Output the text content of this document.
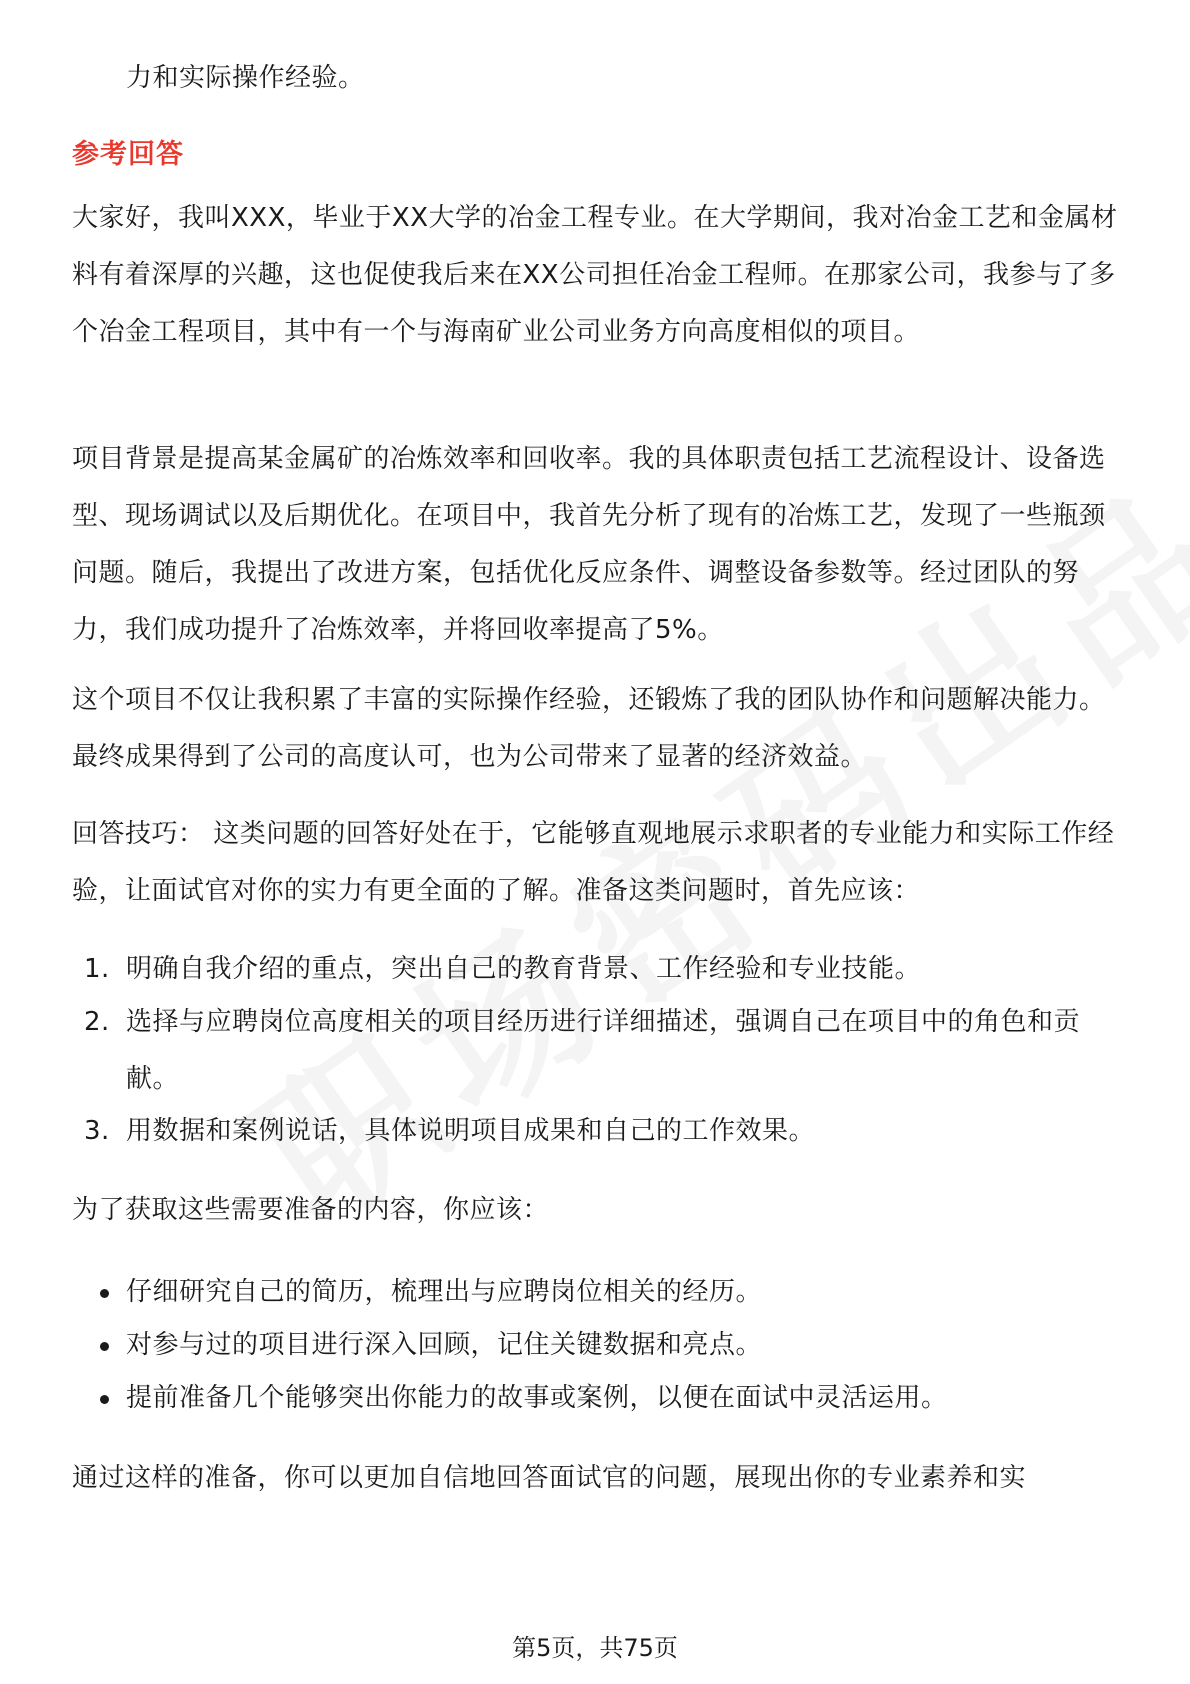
力和实际操作经验。
参考回答
大家好，我叫XXX，毕业于XX大学的冶金工程专业。在大学期间，我对冶金工艺和金属材料有着深厚的兴趣，这也促使我后来在XX公司担任冶金工程师。在那家公司，我参与了多个冶金工程项目，其中有一个与海南矿业公司业务方向高度相似的项目。
项目背景是提高某金属矿的冶炼效率和回收率。我的具体职责包括工艺流程设计、设备选型、现场调试以及后期优化。在项目中，我首先分析了现有的冶炼工艺，发现了一些瓶颈问题。随后，我提出了改进方案，包括优化反应条件、调整设备参数等。经过团队的努力，我们成功提升了冶炼效率，并将回收率提高了5%。
这个项目不仅让我积累了丰富的实际操作经验，还锻炼了我的团队协作和问题解决能力。最终成果得到了公司的高度认可，也为公司带来了显著的经济效益。
回答技巧： 这类问题的回答好处在于，它能够直观地展示求职者的专业能力和实际工作经验，让面试官对你的实力有更全面的了解。准备这类问题时，首先应该：
1. 明确自我介绍的重点，突出自己的教育背景、工作经验和专业技能。
2. 选择与应聘岗位高度相关的项目经历进行详细描述，强调自己在项目中的角色和贡献。
3. 用数据和案例说话，具体说明项目成果和自己的工作效果。
为了获取这些需要准备的内容，你应该：
仔细研究自己的简历，梳理出与应聘岗位相关的经历。
对参与过的项目进行深入回顾，记住关键数据和亮点。
提前准备几个能够突出你能力的故事或案例，以便在面试中灵活运用。
通过这样的准备，你可以更加自信地回答面试官的问题，展现出你的专业素养和实
第5页，共75页
